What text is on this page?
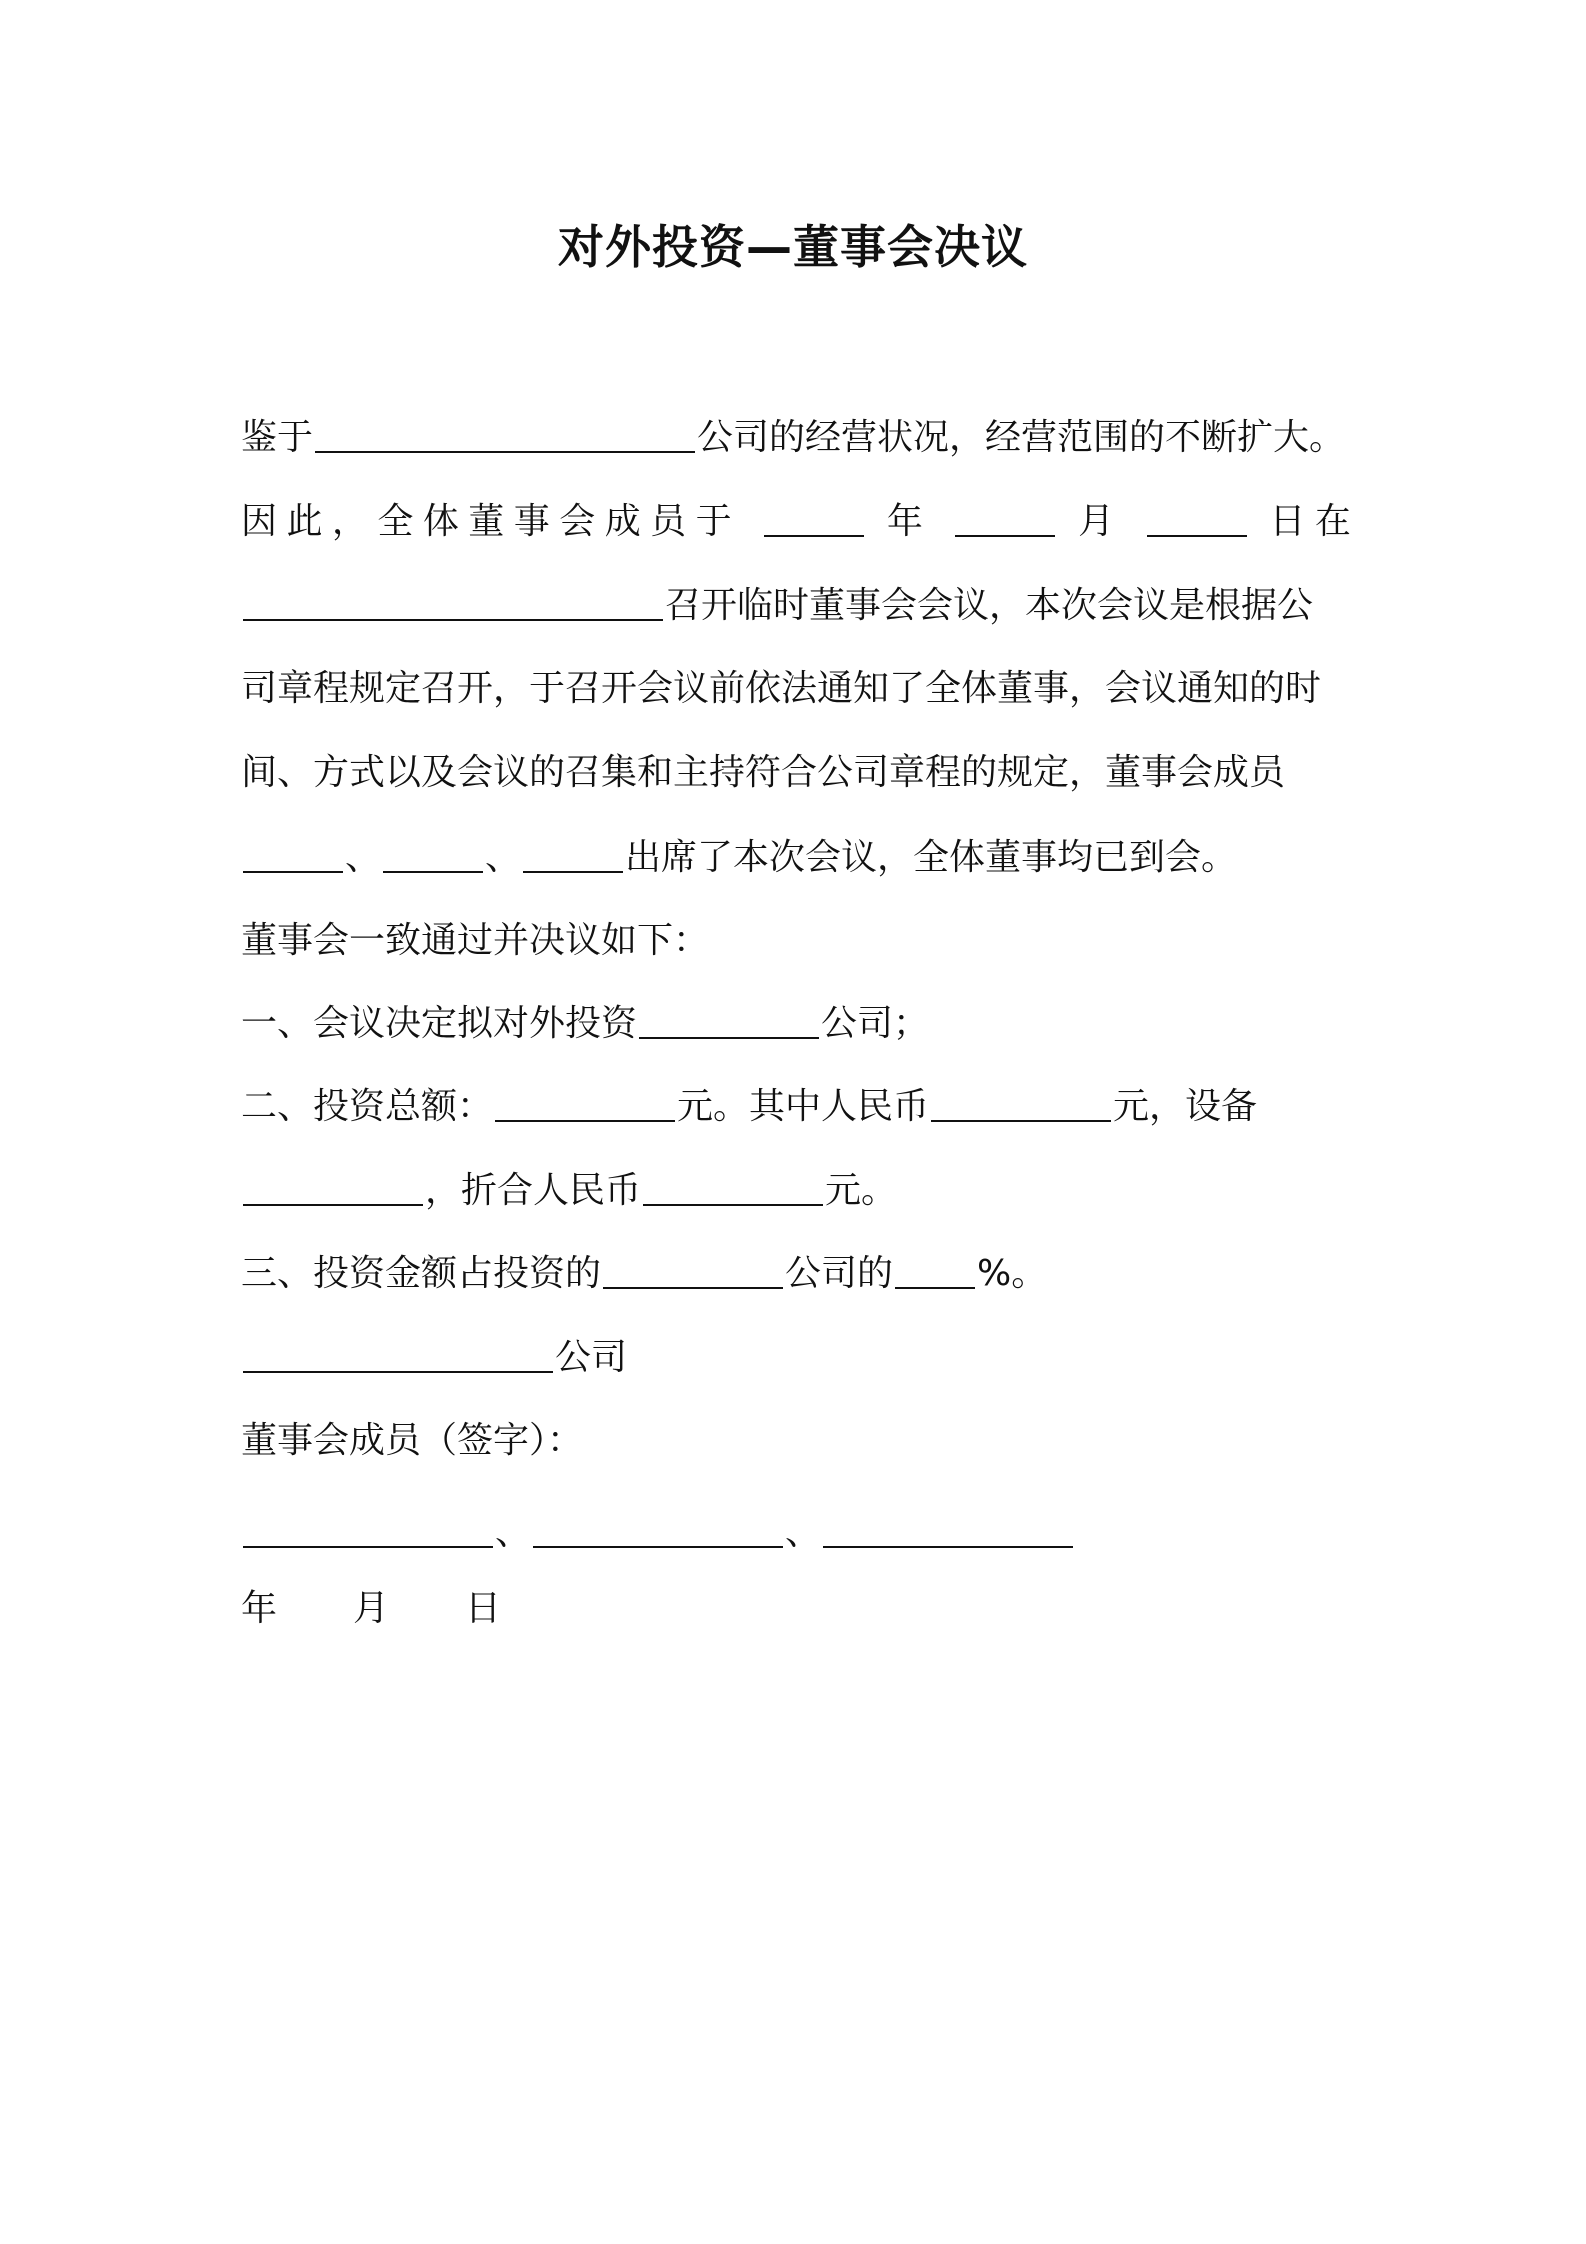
对外投资—董事会决议
鉴于	公司的经营状况，经营范围的不断扩大。
因此，全体董事会成员于	年	月	日在
召开临时董事会会议，本次会议是根据公
司章程规定召开，于召开会议前依法通知了全体董事，会议通知的时
间、方式以及会议的召集和主持符合公司章程的规定，董事会成员
、	、	出席了本次会议，全体董事均已到会。
董事会一致通过并决议如下：
一、会议决定拟对外投资	公司；
二、投资总额：	元。其中人民币	元，设备
，折合人民币	元。
三、投资金额占投资的	公司的 %。
公司
董事会成员（签字）：
、	、
年 月 日
